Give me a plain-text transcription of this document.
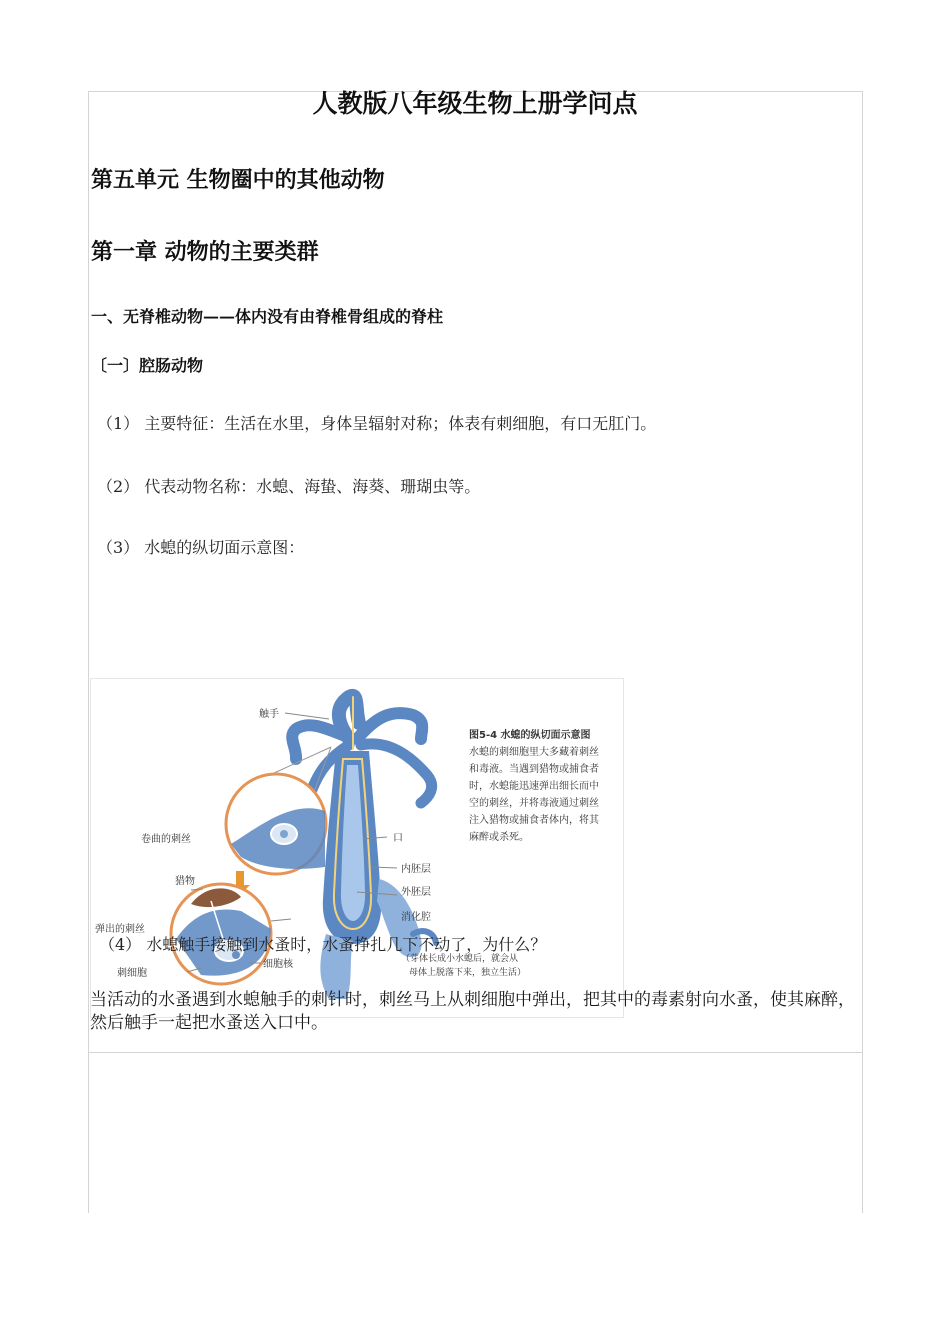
人教版八年级生物上册学问点
第五单元 生物圈中的其他动物
第一章 动物的主要类群
一、无脊椎动物——体内没有由脊椎骨组成的脊柱
〔一〕腔肠动物
（1） 主要特征：生活在水里，身体呈辐射对称；体表有刺细胞，有口无肛门。
（2） 代表动物名称：水螅、海蛰、海葵、珊瑚虫等。
（3） 水螅的纵切面示意图：
触手
卷曲的刺丝	口
内胚层
外胚层
消化腔
猎物
弹出的刺丝
刺细胞
细胞核	（芽体长成小水螅后，就会从
母体上脱落下来，独立生活）
图5-4 水螅的纵切面示意图
水螅的刺细胞里大多藏着刺丝
和毒液。当遇到猎物或捕食者
时，水螅能迅速弹出细长而中
空的刺丝，并将毒液通过刺丝
注入猎物或捕食者体内，将其
麻醉或杀死。
（4） 水螅触手接触到水蚤时，水蚤挣扎几下不动了，为什么？
当活动的水蚤遇到水螅触手的刺针时，刺丝马上从刺细胞中弹出，把其中的毒素射向水蚤，使其麻醉，然后触手一起把水蚤送入口中。
